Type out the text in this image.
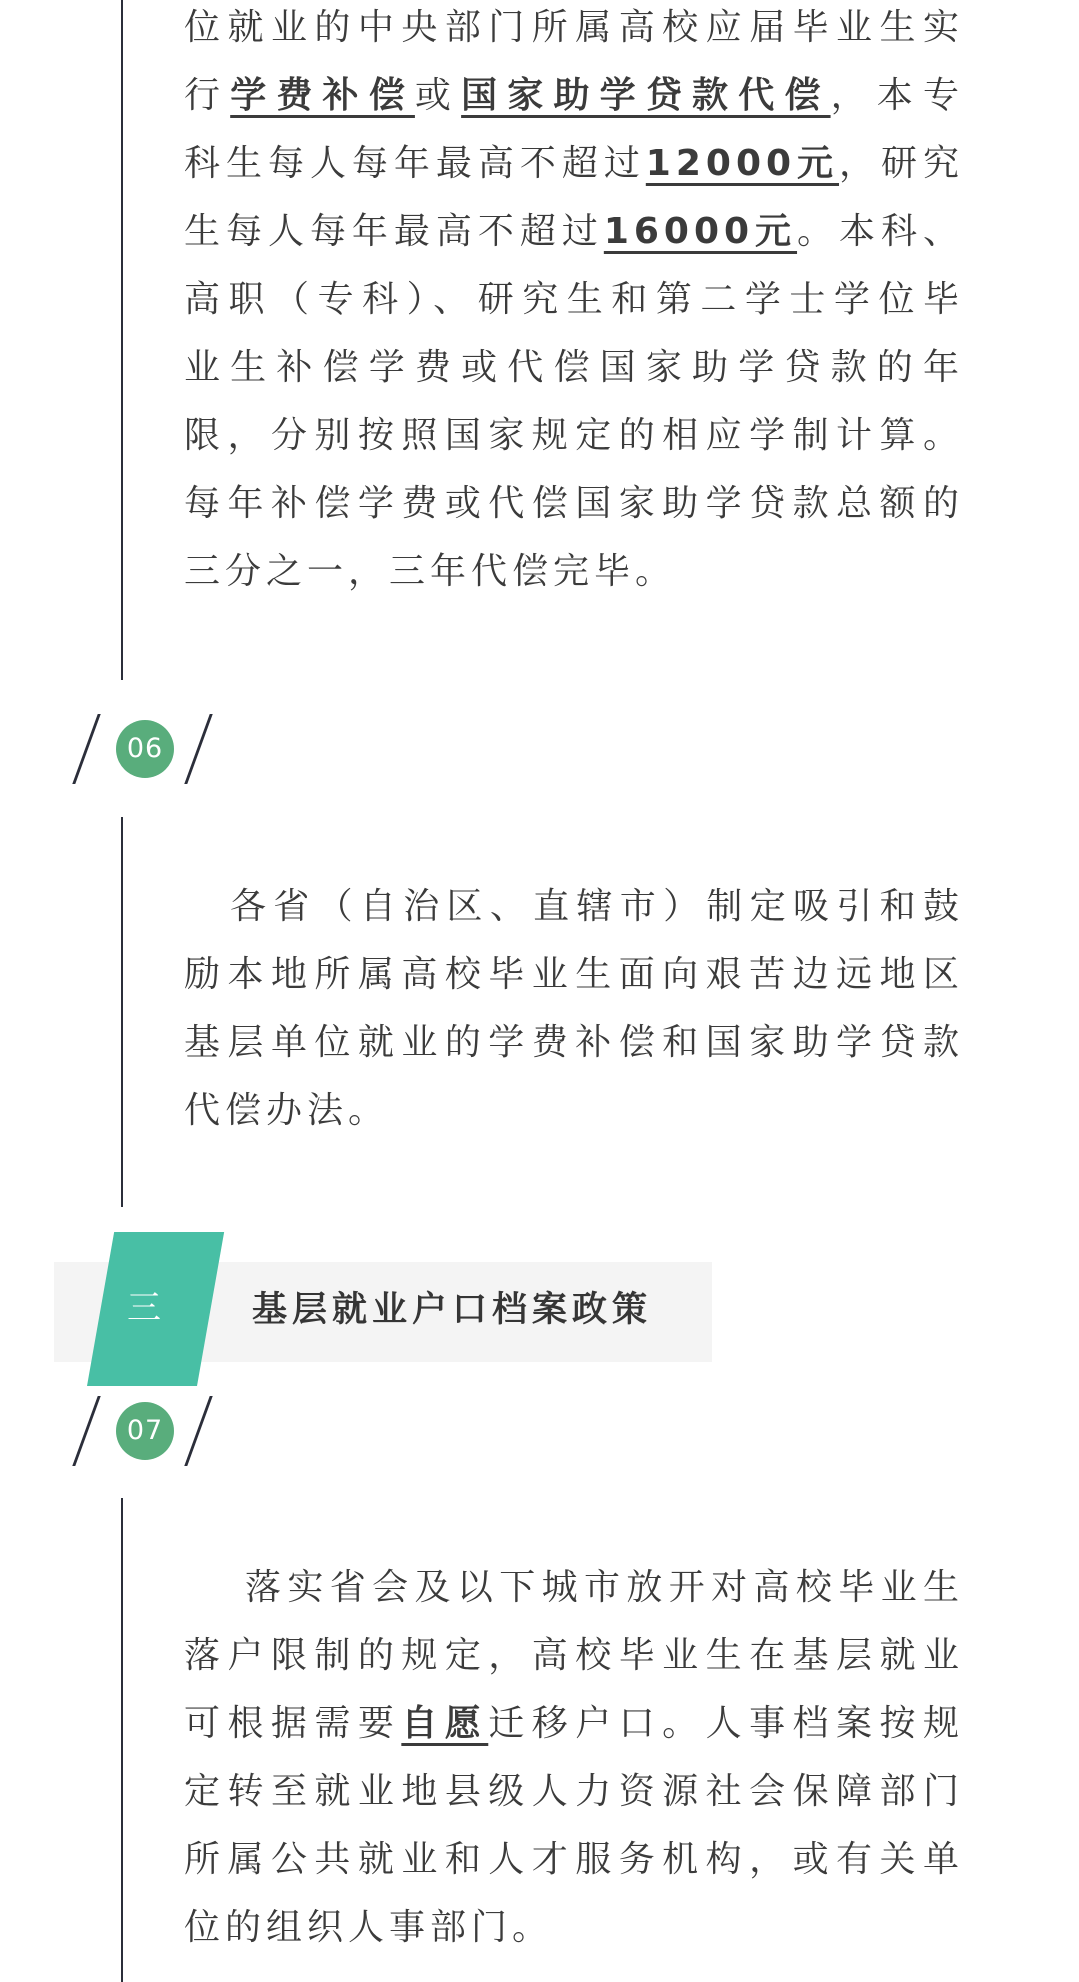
位就业的中央部门所属高校应届毕业生实
行学费补偿或国家助学贷款代偿，本专
科生每人每年最高不超过12000元，研究
生每人每年最高不超过16000元。本科、
高职（专科）、研究生和第二学士学位毕
业生补偿学费或代偿国家助学贷款的年
限，分别按照国家规定的相应学制计算。
每年补偿学费或代偿国家助学贷款总额的
三分之一，三年代偿完毕。
06
各省（自治区、直辖市）制定吸引和鼓
励本地所属高校毕业生面向艰苦边远地区
基层单位就业的学费补偿和国家助学贷款
代偿办法。
三	基层就业户口档案政策
07
落实省会及以下城市放开对高校毕业生
落户限制的规定，高校毕业生在基层就业
可根据需要自愿迁移户口。人事档案按规
定转至就业地县级人力资源社会保障部门
所属公共就业和人才服务机构，或有关单
位的组织人事部门。
